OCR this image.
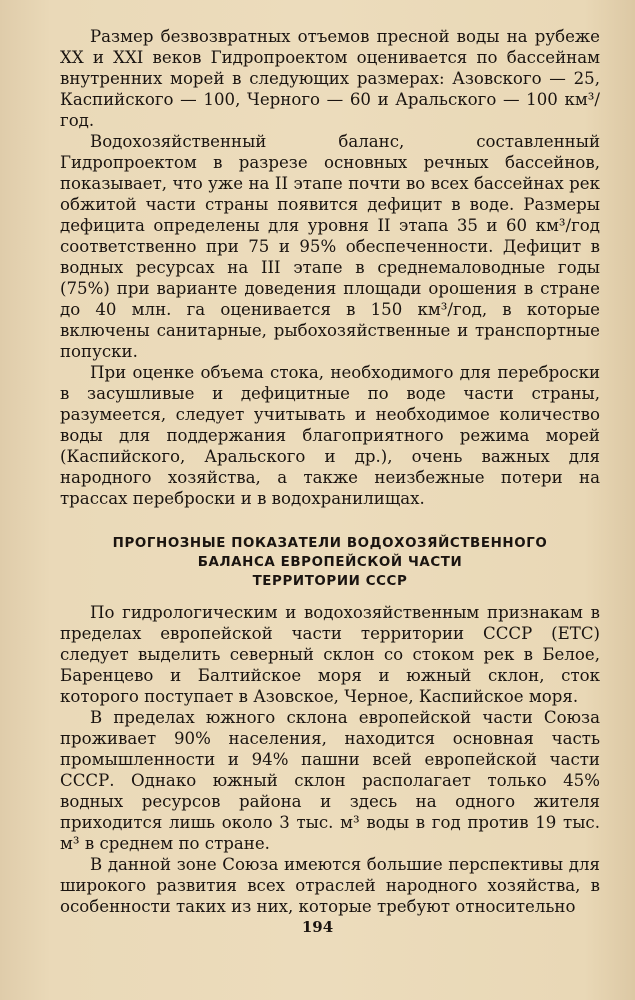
Размер безвозвратных отъемов пресной воды на рубеже XX и XXI веков Гидропроектом оценивается по бассейнам внутренних морей в следующих размерах: Азовского — 25, Каспийского — 100, Черного — 60 и Аральского — 100 км³/год.

Водохозяйственный баланс, составленный Гидропроектом в разрезе основных речных бассейнов, показывает, что уже на II этапе почти во всех бассейнах рек обжитой части страны появится дефицит в воде. Размеры дефицита определены для уровня II этапа 35 и 60 км³/год соответственно при 75 и 95% обеспеченности. Дефицит в водных ресурсах на III этапе в среднемаловодные годы (75%) при варианте доведения площади орошения в стране до 40 млн. га оценивается в 150 км³/год, в которые включены санитарные, рыбохозяйственные и транспортные попуски.

При оценке объема стока, необходимого для переброски в засушливые и дефицитные по воде части страны, разумеется, следует учитывать и необходимое количество воды для поддержания благоприятного режима морей (Каспийского, Аральского и др.), очень важных для народного хозяйства, а также неизбежные потери на трассах переброски и в водохранилищах.

ПРОГНОЗНЫЕ ПОКАЗАТЕЛИ ВОДОХОЗЯЙСТВЕННОГО
БАЛАНСА ЕВРОПЕЙСКОЙ ЧАСТИ
ТЕРРИТОРИИ СССР

По гидрологическим и водохозяйственным признакам в пределах европейской части территории СССР (ЕТС) следует выделить северный склон со стоком рек в Белое, Баренцево и Балтийское моря и южный склон, сток которого поступает в Азовское, Черное, Каспийское моря.

В пределах южного склона европейской части Союза проживает 90% населения, находится основная часть промышленности и 94% пашни всей европейской части СССР. Однако южный склон располагает только 45% водных ресурсов района и здесь на одного жителя приходится лишь около 3 тыс. м³ воды в год против 19 тыс. м³ в среднем по стране.

В данной зоне Союза имеются большие перспективы для широкого развития всех отраслей народного хозяйства, в особенности таких из них, которые требуют относительно

194
